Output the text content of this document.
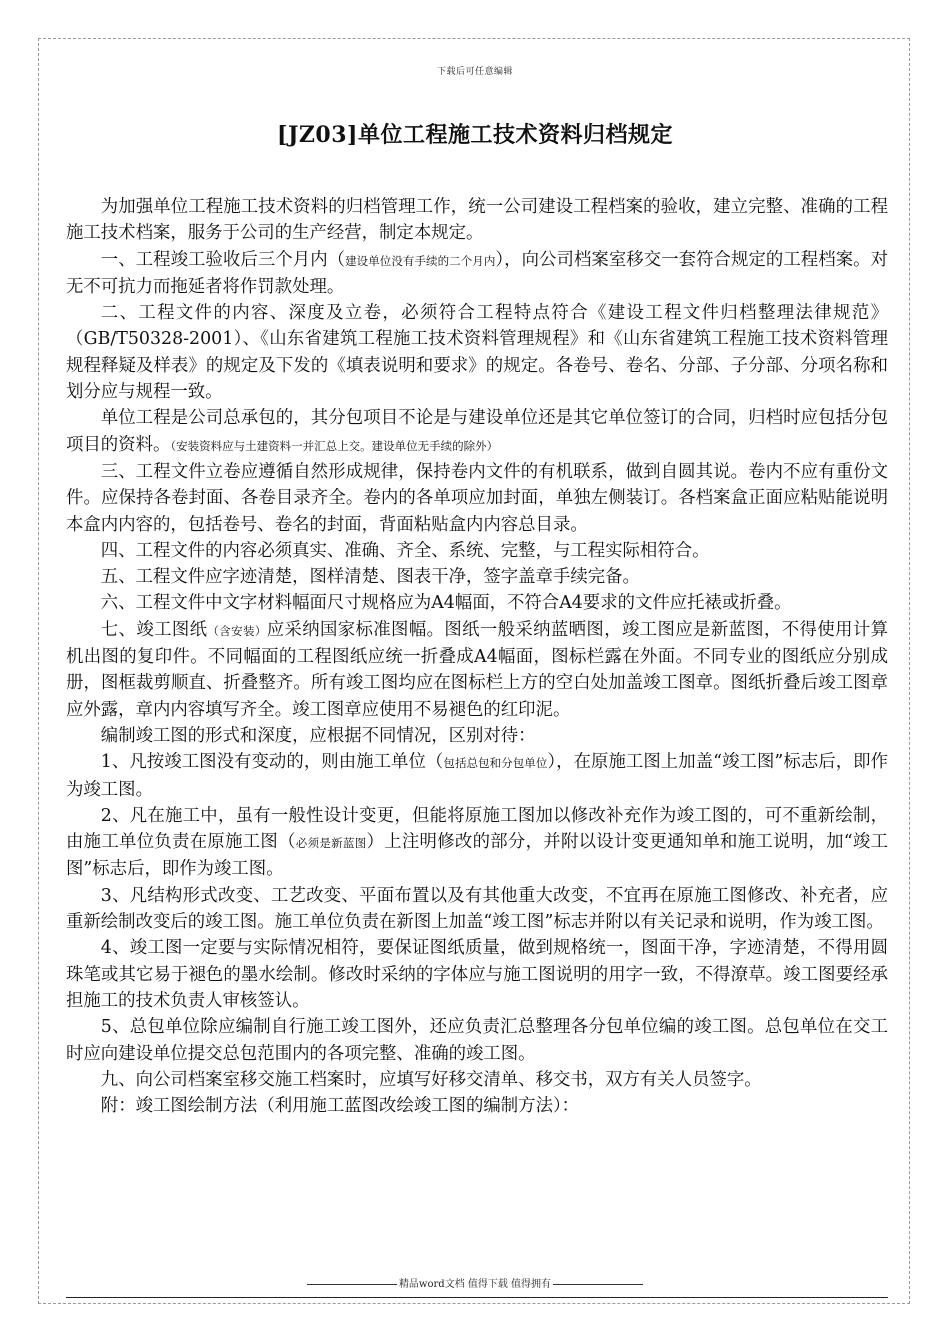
下载后可任意编辑
[JZ03]单位工程施工技术资料归档规定

为加强单位工程施工技术资料的归档管理工作，统一公司建设工程档案的验收，建立完整、准确的工程施工技术档案，服务于公司的生产经营，制定本规定。

一、工程竣工验收后三个月内（建设单位没有手续的二个月内），向公司档案室移交一套符合规定的工程档案。对无不可抗力而拖延者将作罚款处理。

二、工程文件的内容、深度及立卷，必须符合工程特点符合《建设工程文件归档整理法律规范》（GB/T50328-2001）、《山东省建筑工程施工技术资料管理规程》和《山东省建筑工程施工技术资料管理规程释疑及样表》的规定及下发的《填表说明和要求》的规定。各卷号、卷名、分部、子分部、分项名称和划分应与规程一致。

单位工程是公司总承包的，其分包项目不论是与建设单位还是其它单位签订的合同，归档时应包括分包项目的资料。（安装资料应与土建资料一并汇总上交。建设单位无手续的除外）

三、工程文件立卷应遵循自然形成规律，保持卷内文件的有机联系，做到自圆其说。卷内不应有重份文件。应保持各卷封面、各卷目录齐全。卷内的各单项应加封面，单独左侧装订。各档案盒正面应粘贴能说明本盒内内容的，包括卷号、卷名的封面，背面粘贴盒内内容总目录。

四、工程文件的内容必须真实、准确、齐全、系统、完整，与工程实际相符合。

五、工程文件应字迹清楚，图样清楚、图表干净，签字盖章手续完备。

六、工程文件中文字材料幅面尺寸规格应为A4幅面，不符合A4要求的文件应托裱或折叠。

七、竣工图纸（含安装）应采纳国家标准图幅。图纸一般采纳蓝晒图，竣工图应是新蓝图，不得使用计算机出图的复印件。不同幅面的工程图纸应统一折叠成A4幅面，图标栏露在外面。不同专业的图纸应分别成册，图框裁剪顺直、折叠整齐。所有竣工图均应在图标栏上方的空白处加盖竣工图章。图纸折叠后竣工图章应外露，章内内容填写齐全。竣工图章应使用不易褪色的红印泥。

编制竣工图的形式和深度，应根据不同情况，区别对待：

1、凡按竣工图没有变动的，则由施工单位（包括总包和分包单位），在原施工图上加盖“竣工图”标志后，即作为竣工图。

2、凡在施工中，虽有一般性设计变更，但能将原施工图加以修改补充作为竣工图的，可不重新绘制，由施工单位负责在原施工图（必须是新蓝图）上注明修改的部分，并附以设计变更通知单和施工说明，加“竣工图”标志后，即作为竣工图。

3、凡结构形式改变、工艺改变、平面布置以及有其他重大改变，不宜再在原施工图修改、补充者，应重新绘制改变后的竣工图。施工单位负责在新图上加盖“竣工图”标志并附以有关记录和说明，作为竣工图。

4、竣工图一定要与实际情况相符，要保证图纸质量，做到规格统一，图面干净，字迹清楚，不得用圆珠笔或其它易于褪色的墨水绘制。修改时采纳的字体应与施工图说明的用字一致，不得潦草。竣工图要经承担施工的技术负责人审核签认。

5、总包单位除应编制自行施工竣工图外，还应负责汇总整理各分包单位编的竣工图。总包单位在交工时应向建设单位提交总包范围内的各项完整、准确的竣工图。

九、向公司档案室移交施工档案时，应填写好移交清单、移交书，双方有关人员签字。

附：竣工图绘制方法（利用施工蓝图改绘竣工图的编制方法）：

精品word文档 值得下载 值得拥有
